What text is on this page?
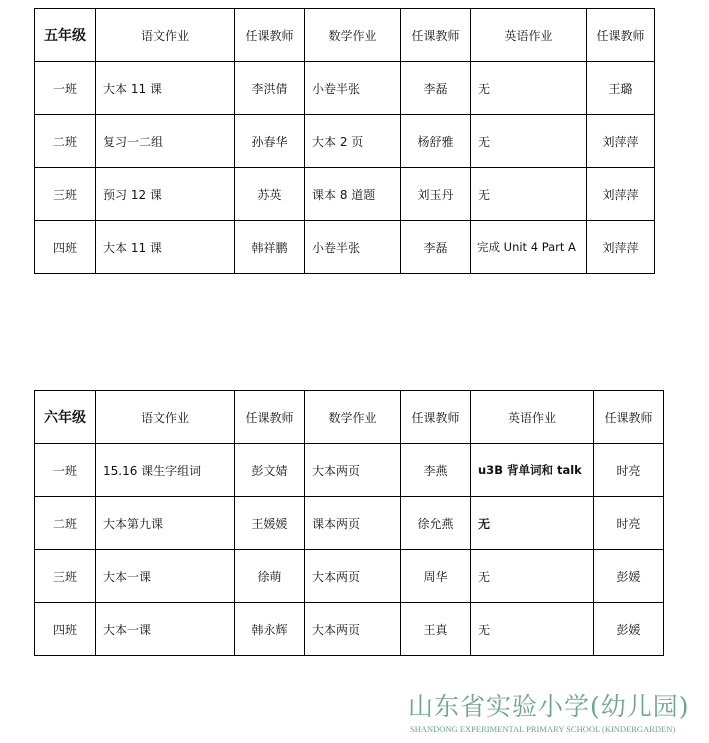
五年级	语文作业	任课教师	数学作业	任课教师	英语作业	任课教师
一班	大本 11 课	李洪倩	小卷半张	李磊	无	王璐
二班	复习一二组	孙春华	大本 2 页	杨舒雅	无	刘萍萍
三班	预习 12 课	苏英	课本 8 道题	刘玉丹	无	刘萍萍
四班	大本 11 课	韩祥鹏	小卷半张	李磊	完成 Unit 4 Part A	刘萍萍
六年级	语文作业	任课教师	数学作业	任课教师	英语作业	任课教师
一班	15.16 课生字组词	彭文婧	大本两页	李燕	u3B 背单词和 talk	时亮
二班	大本第九课	王媛媛	课本两页	徐允燕	无	时亮
三班	大本一课	徐萌	大本两页	周华	无	彭媛
四班	大本一课	韩永辉	大本两页	王真	无	彭媛
山东省实验小学(幼儿园)
SHANDONG EXPERIMENTAL PRIMARY SCHOOL (KINDERGARDEN)
